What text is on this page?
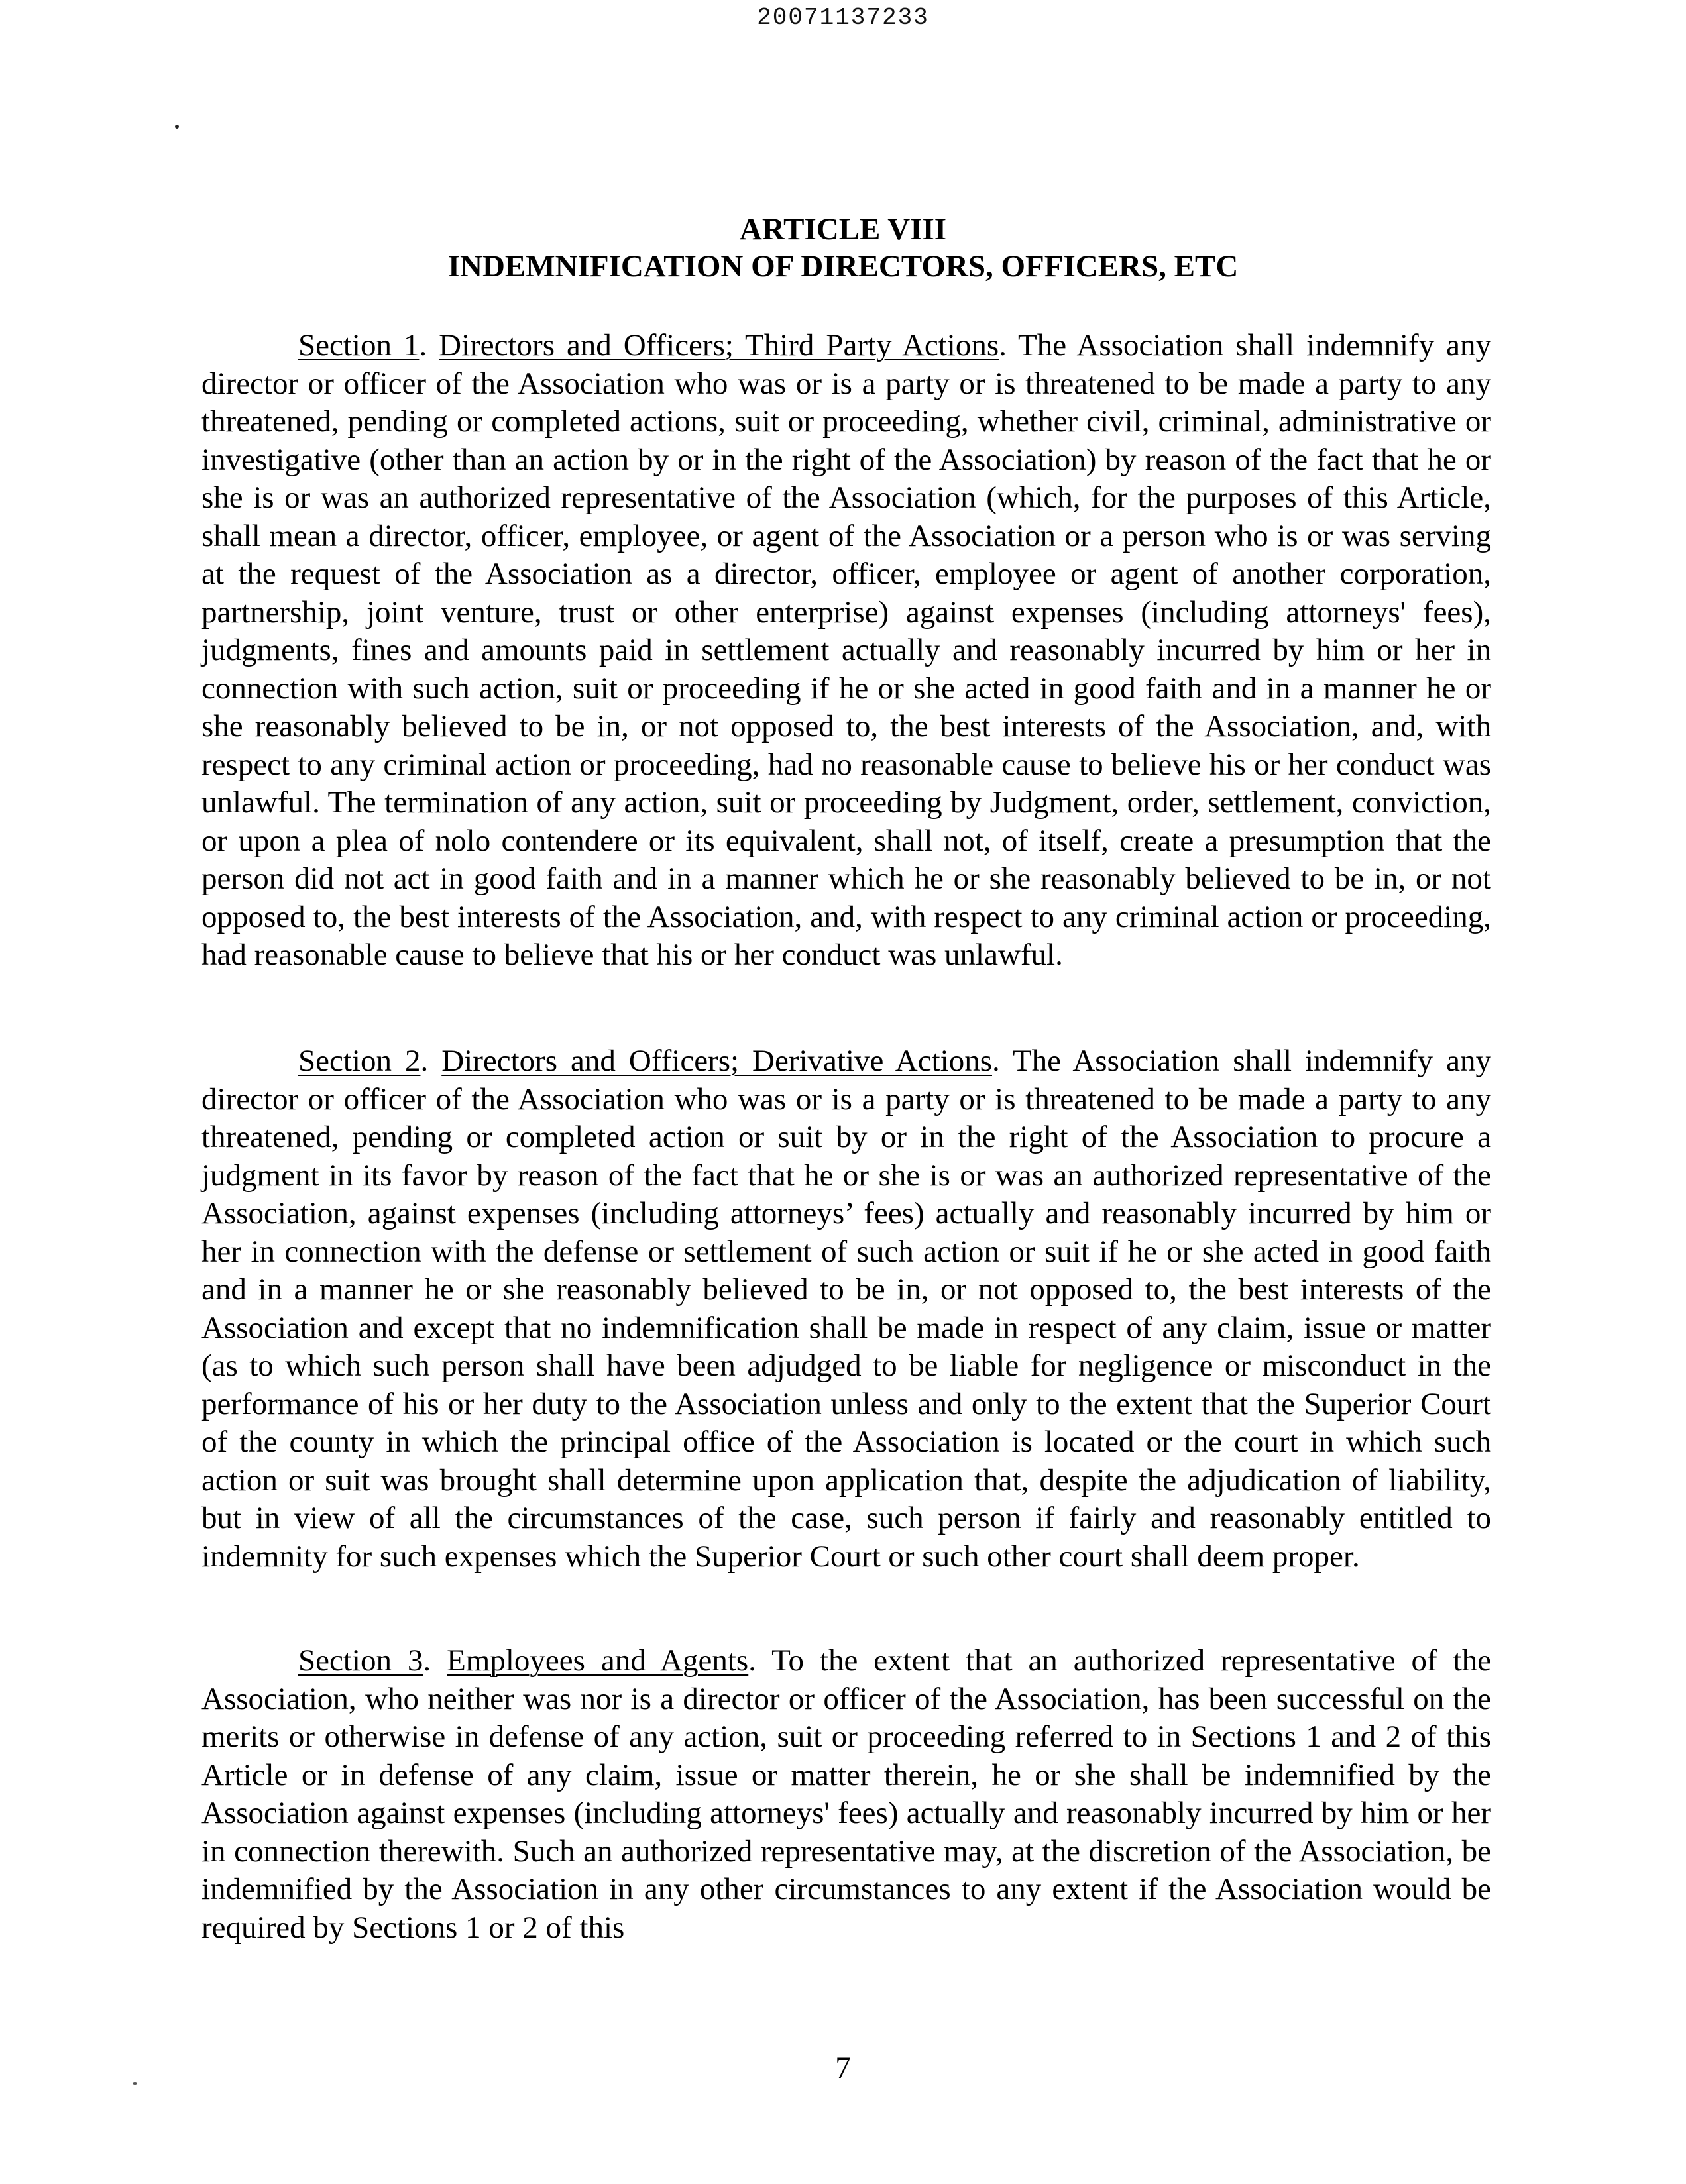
20071137233
ARTICLE VIII
INDEMNIFICATION OF DIRECTORS, OFFICERS, ETC

Section 1. Directors and Officers; Third Party Actions. The Association shall indemnify any director or officer of the Association who was or is a party or is threatened to be made a party to any threatened, pending or completed actions, suit or proceeding, whether civil, criminal, administrative or investigative (other than an action by or in the right of the Association) by reason of the fact that he or she is or was an authorized representative of the Association (which, for the purposes of this Article, shall mean a director, officer, employee, or agent of the Association or a person who is or was serving at the request of the Association as a director, officer, employee or agent of another corporation, partnership, joint venture, trust or other enterprise) against expenses (including attorneys' fees), judgments, fines and amounts paid in settlement actually and reasonably incurred by him or her in connection with such action, suit or proceeding if he or she acted in good faith and in a manner he or she reasonably believed to be in, or not opposed to, the best interests of the Association, and, with respect to any criminal action or proceeding, had no reasonable cause to believe his or her conduct was unlawful. The termination of any action, suit or proceeding by Judgment, order, settlement, conviction, or upon a plea of nolo contendere or its equivalent, shall not, of itself, create a presumption that the person did not act in good faith and in a manner which he or she reasonably believed to be in, or not opposed to, the best interests of the Association, and, with respect to any criminal action or proceeding, had reasonable cause to believe that his or her conduct was unlawful.

Section 2. Directors and Officers; Derivative Actions. The Association shall indemnify any director or officer of the Association who was or is a party or is threatened to be made a party to any threatened, pending or completed action or suit by or in the right of the Association to procure a judgment in its favor by reason of the fact that he or she is or was an authorized representative of the Association, against expenses (including attorneys’ fees) actually and reasonably incurred by him or her in connection with the defense or settlement of such action or suit if he or she acted in good faith and in a manner he or she reasonably believed to be in, or not opposed to, the best interests of the Association and except that no indemnification shall be made in respect of any claim, issue or matter (as to which such person shall have been adjudged to be liable for negligence or misconduct in the performance of his or her duty to the Association unless and only to the extent that the Superior Court of the county in which the principal office of the Association is located or the court in which such action or suit was brought shall determine upon application that, despite the adjudication of liability, but in view of all the circumstances of the case, such person if fairly and reasonably entitled to indemnity for such expenses which the Superior Court or such other court shall deem proper.

Section 3. Employees and Agents. To the extent that an authorized representative of the Association, who neither was nor is a director or officer of the Association, has been successful on the merits or otherwise in defense of any action, suit or proceeding referred to in Sections 1 and 2 of this Article or in defense of any claim, issue or matter therein, he or she shall be indemnified by the Association against expenses (including attorneys' fees) actually and reasonably incurred by him or her in connection therewith. Such an authorized representative may, at the discretion of the Association, be indemnified by the Association in any other circumstances to any extent if the Association would be required by Sections 1 or 2 of this

7
